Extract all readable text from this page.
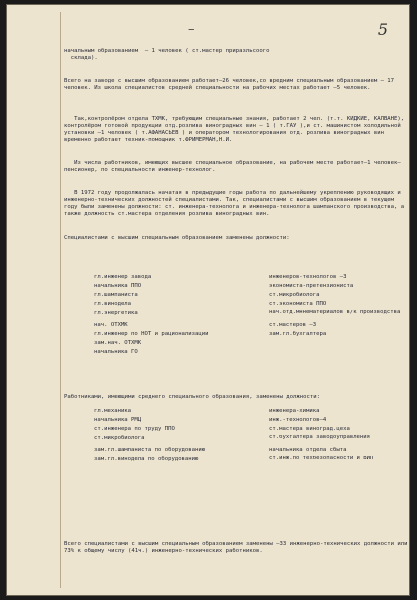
–	5
начальным образованием  – 1 человек ( ст.мастер приразльсоого
складa).
Всего на заводе с высшим образованием работает–26 человек,со вредним специальным образованием – 17 человек. Из школа специалистов средней специальности на рабочих местах работает –5 человек.
Так,контролёром отдела ТХМК, требующим специальные знания, работает 2 чел. (т.т. КИДКИЕ, КАЛВАНЕ), контролёром готовой продукции отд.розлива виноградных вин – 1 ( т.ГАУ ),и ст. машинистом холодильной установки –1 человек ( т.АФАНАСЬЕВ ) и оператором технологирования отд. розлива виноградных вин временно работает техник-помощник т.ФРИМЕРМАН,Н.И.
Из числа работников, имеющих высшее специальное образование, на рабочем месте работает–1 человек–пенсионер, по специальности инженер-технолог.
В 1972 году продолжалась начатая в предыдущие годы работа по дальнейшему укреплению руководящих и инженерно-технических должностей специалистами. Так, специалистами с высшим образованием в текущем году были заменены должности: ст. инженера-технолога и инженера-технолога шампанского производства, а также должность ст.мастера отделения розлива виноградных вин.
Специалистами с высшим специальным образованием заменены должности:
гл.инженер завода	инженеров-технологов –3
начальника ППО	экономиста-претензиониста
гл.шампаниста	ст.микробиолога
гл.винодела	ст.экономиста ППО
гл.энергетика	нач.отд.мннематериалов в/к производства
нач. ОТХМК	ст.мастеров –3
гл.инженер по НОТ и рационализации	зам.гл.бухгалтера
зам.нач. ОТХМК
начальника ГО
Работниками, имеющими среднего специального образования, заменены должности:
гл.механика	инженера-химика
начальника РМЦ	инж.-технологов–4
ст.инженера по труду ППО	ст.мастера виноград.цеха
ст.микробиолога	ст.бухгалтера заводоуправления
зам.гл.шампаниста по оборудованию	начальника отдела сбыта
зам.гл.винодела по оборудованию	ст.инж.по техбезопасности и ВИП
Всего специалистами с высшим специальным образованием заменены –33 инженерно-технических должности или 73% к общему числу (41ч.) инженерно-технических работников.
